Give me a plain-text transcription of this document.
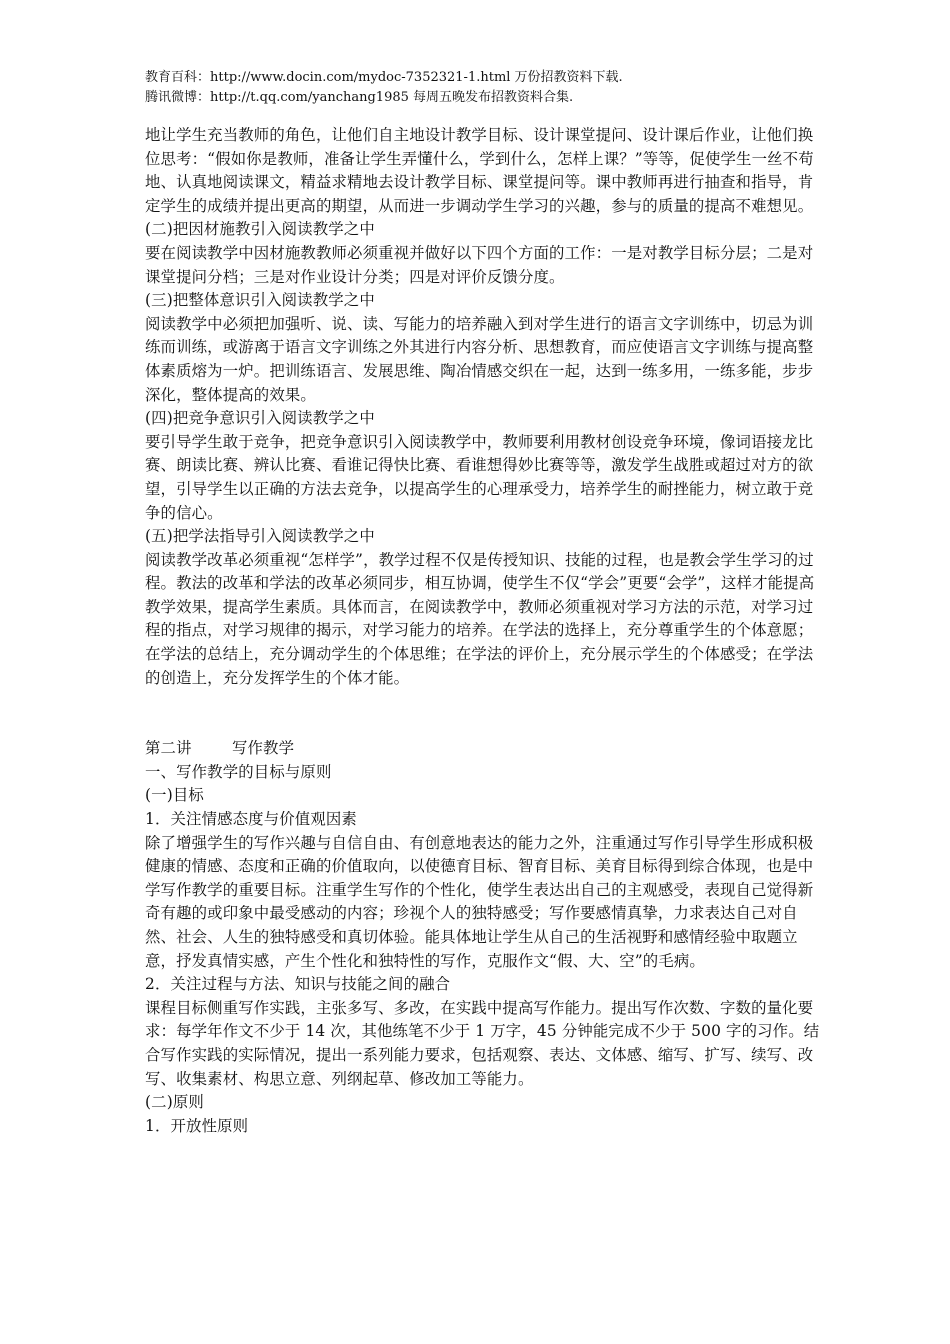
教育百科：http://www.docin.com/mydoc-7352321-1.html 万份招教资料下载.
腾讯微博：http://t.qq.com/yanchang1985 每周五晚发布招教资料合集.

地让学生充当教师的角色，让他们自主地设计教学目标、设计课堂提问、设计课后作业，让他们换位思考：“假如你是教师，准备让学生弄懂什么，学到什么，怎样上课？”等等，促使学生一丝不苟地、认真地阅读课文，精益求精地去设计教学目标、课堂提问等。课中教师再进行抽查和指导，肯定学生的成绩并提出更高的期望，从而进一步调动学生学习的兴趣，参与的质量的提高不难想见。

(二)把因材施教引入阅读教学之中

要在阅读教学中因材施教教师必须重视并做好以下四个方面的工作：一是对教学目标分层；二是对课堂提问分档；三是对作业设计分类；四是对评价反馈分度。

(三)把整体意识引入阅读教学之中

阅读教学中必须把加强听、说、读、写能力的培养融入到对学生进行的语言文字训练中，切忌为训练而训练，或游离于语言文字训练之外其进行内容分析、思想教育，而应使语言文字训练与提高整体素质熔为一炉。把训练语言、发展思维、陶冶情感交织在一起，达到一练多用，一练多能，步步深化，整体提高的效果。

(四)把竞争意识引入阅读教学之中

要引导学生敢于竞争，把竞争意识引入阅读教学中，教师要利用教材创设竞争环境，像词语接龙比赛、朗读比赛、辨认比赛、看谁记得快比赛、看谁想得妙比赛等等，激发学生战胜或超过对方的欲望，引导学生以正确的方法去竞争，以提高学生的心理承受力，培养学生的耐挫能力，树立敢于竞争的信心。

(五)把学法指导引入阅读教学之中

阅读教学改革必须重视“怎样学”，教学过程不仅是传授知识、技能的过程，也是教会学生学习的过程。教法的改革和学法的改革必须同步，相互协调，使学生不仅“学会”更要“会学”，这样才能提高教学效果，提高学生素质。具体而言，在阅读教学中，教师必须重视对学习方法的示范，对学习过程的指点，对学习规律的揭示，对学习能力的培养。在学法的选择上，充分尊重学生的个体意愿；在学法的总结上，充分调动学生的个体思维；在学法的评价上，充分展示学生的个体感受；在学法的创造上，充分发挥学生的个体才能。

第二讲        写作教学

一、写作教学的目标与原则

(一)目标

1．关注情感态度与价值观因素

除了增强学生的写作兴趣与自信自由、有创意地表达的能力之外，注重通过写作引导学生形成积极健康的情感、态度和正确的价值取向，以使德育目标、智育目标、美育目标得到综合体现，也是中学写作教学的重要目标。注重学生写作的个性化，使学生表达出自己的主观感受，表现自己觉得新奇有趣的或印象中最受感动的内容；珍视个人的独特感受；写作要感情真挚，力求表达自己对自然、社会、人生的独特感受和真切体验。能具体地让学生从自己的生活视野和感情经验中取题立意，抒发真情实感，产生个性化和独特性的写作，克服作文“假、大、空”的毛病。

2．关注过程与方法、知识与技能之间的融合

课程目标侧重写作实践，主张多写、多改，在实践中提高写作能力。提出写作次数、字数的量化要求：每学年作文不少于 14 次，其他练笔不少于 1 万字，45 分钟能完成不少于 500 字的习作。结合写作实践的实际情况，提出一系列能力要求，包括观察、表达、文体感、缩写、扩写、续写、改写、收集素材、构思立意、列纲起草、修改加工等能力。

(二)原则

1．开放性原则
